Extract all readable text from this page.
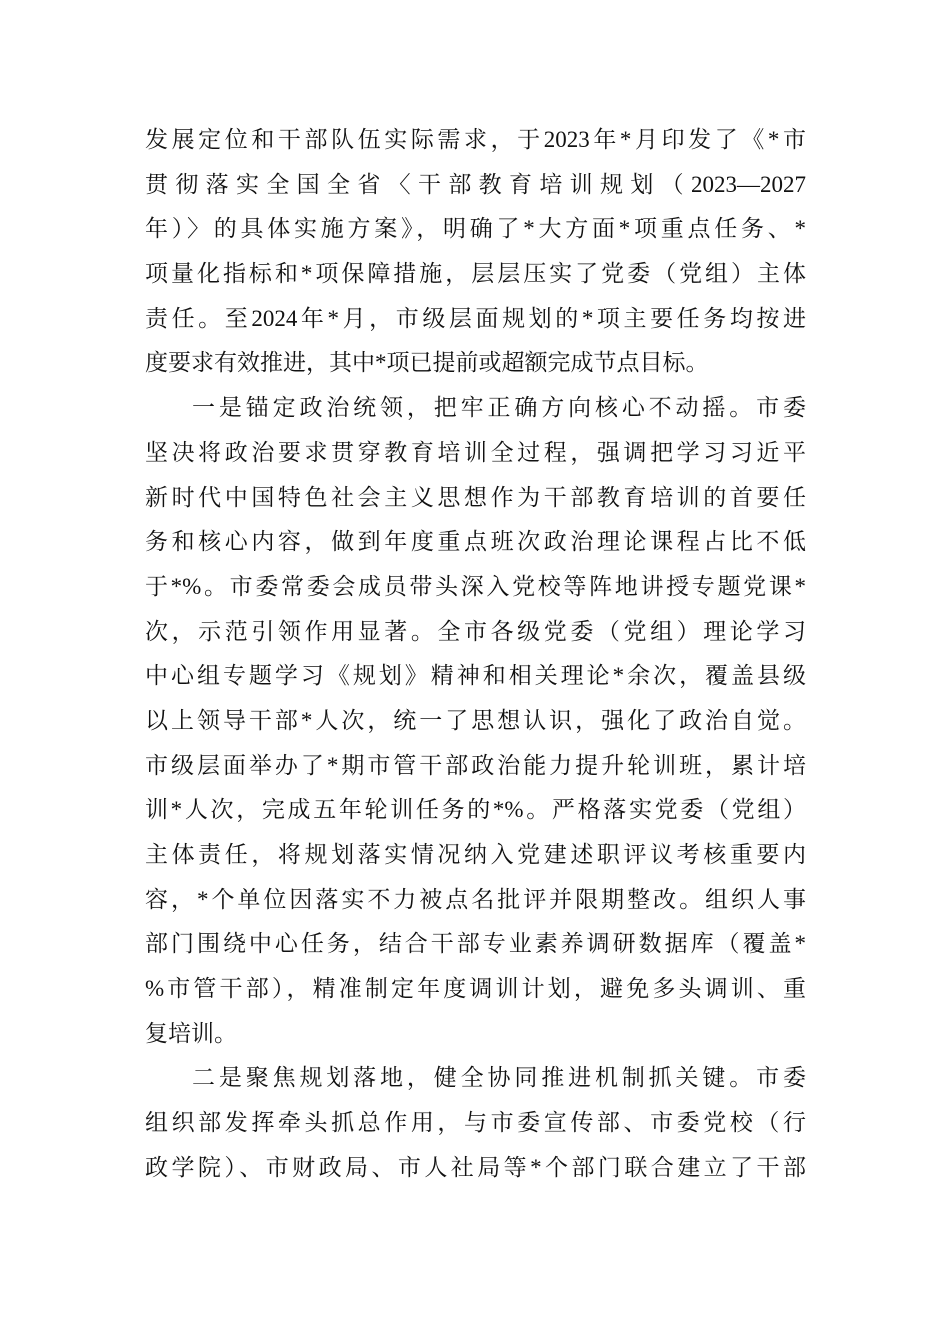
发展定位和干部队伍实际需求，于2023年*月印发了《*市
贯彻落实全国全省〈干部教育培训规划（2023—2027
年）〉的具体实施方案》，明确了*大方面*项重点任务、*
项量化指标和*项保障措施，层层压实了党委（党组）主体
责任。至2024年*月，市级层面规划的*项主要任务均按进
度要求有效推进，其中*项已提前或超额完成节点目标。
一是锚定政治统领，把牢正确方向核心不动摇。市委
坚决将政治要求贯穿教育培训全过程，强调把学习习近平
新时代中国特色社会主义思想作为干部教育培训的首要任
务和核心内容，做到年度重点班次政治理论课程占比不低
于*%。市委常委会成员带头深入党校等阵地讲授专题党课*
次，示范引领作用显著。全市各级党委（党组）理论学习
中心组专题学习《规划》精神和相关理论*余次，覆盖县级
以上领导干部*人次，统一了思想认识，强化了政治自觉。
市级层面举办了*期市管干部政治能力提升轮训班，累计培
训*人次，完成五年轮训任务的*%。严格落实党委（党组）
主体责任，将规划落实情况纳入党建述职评议考核重要内
容，*个单位因落实不力被点名批评并限期整改。组织人事
部门围绕中心任务，结合干部专业素养调研数据库（覆盖*
%市管干部），精准制定年度调训计划，避免多头调训、重
复培训。
二是聚焦规划落地，健全协同推进机制抓关键。市委
组织部发挥牵头抓总作用，与市委宣传部、市委党校（行
政学院）、市财政局、市人社局等*个部门联合建立了干部
